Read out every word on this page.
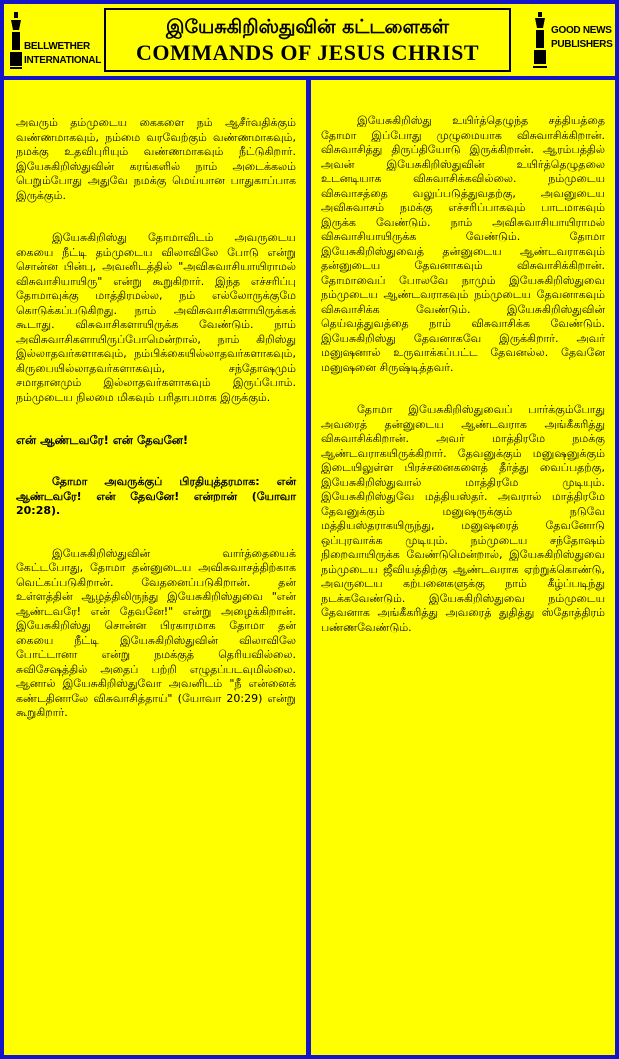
BELLWETHER
INTERNATIONAL
இயேசுகிறிஸ்துவின் கட்டளைகள்
COMMANDS OF JESUS CHRIST
GOOD NEWS
PUBLISHERS

அவரும் தம்முடைய கைகளை நம் ஆசீர்வதிக்கும் வண்ணமாகவும், நம்மை வரவேற்கும் வண்ணமாகவும், நமக்கு உதவிபுரியும் வண்ணமாகவும் நீட்டுகிறார். இயேசுகிறிஸ்துவின் கரங்களில் நாம் அடைக்கலம் பெறும்போது அதுவே நமக்கு மெய்யான பாதுகாப்பாக இருக்கும்.

இயேசுகிறிஸ்து தோமாவிடம் அவருடைய கையை நீட்டி தம்முடைய விலாவிலே போடு என்று சொன்ன பின்பு, அவனிடத்தில் "அவிசுவாசியாயிராமல் விசுவாசியாயிரு" என்று கூறுகிறார். இந்த எச்சரிப்பு தோமாவுக்கு மாத்திரமல்ல, நம் எல்லோருக்குமே கொடுக்கப்படுகிறது. நாம் அவிசுவாசிகளாயிருக்கக் கூடாது. விசுவாசிகளாயிருக்க வேண்டும். நாம் அவிசுவாசிகளாயிருப்போமென்றால், நாம் கிறிஸ்து இல்லாதவர்களாகவும், நம்பிக்கையில்லாதவர்களாகவும், கிருபையில்லாதவர்களாகவும், சந்தோஷமும் சமாதானமும் இல்லாதவர்களாகவும் இருப்போம். நம்முடைய நிலமை மிகவும் பரிதாபமாக இருக்கும்.

என் ஆண்டவரே! என் தேவனே!

தோமா அவருக்குப் பிரதியுத்தரமாக: என் ஆண்டவரே! என் தேவனே! என்றான் (யோவா 20:28).

இயேசுகிறிஸ்துவின் வார்த்தையைக் கேட்டபோது, தோமா தன்னுடைய அவிசுவாசத்திற்காக வெட்கப்படுகிறான். வேதனைப்படுகிறான். தன் உள்ளத்தின் ஆழத்திலிருந்து இயேசுகிறிஸ்துவை "என் ஆண்டவரே! என் தேவனே!" என்று அழைக்கிறான். இயேசுகிறிஸ்து சொன்ன பிரகாரமாக தோமா தன் கையை நீட்டி இயேசுகிறிஸ்துவின் விலாவிலே போட்டானா என்று நமக்குத் தெரியவில்லை. சுவிசேஷத்தில் அதைப் பற்றி எழுதப்படவுமில்லை. ஆனால் இயேசுகிறிஸ்துவோ அவனிடம் "நீ என்னைக் கண்டதினாலே விசுவாசித்தாய்" (யோவா 20:29) என்று கூறுகிறார்.

இயேசுகிறிஸ்து உயிர்த்தெழுந்த சத்தியத்தை தோமா இப்போது முழுமையாக விசுவாசிக்கிறான். விசுவாசித்து திருப்தியோடு இருக்கிறான். ஆரம்பத்தில் அவன் இயேசுகிறிஸ்துவின் உயிர்த்தெழுதலை உடனடியாக விசுவாசிக்கவில்லை. நம்முடைய விசுவாசத்தை வலுப்படுத்துவதற்கு, அவனுடைய அவிசுவாசம் நமக்கு எச்சரிப்பாகவும் பாடமாகவும் இருக்க வேண்டும். நாம் அவிசுவாசியாயிராமல் விசுவாசியாயிருக்க வேண்டும். தோமா இயேசுகிறிஸ்துவைத் தன்னுடைய ஆண்டவராகவும் தன்னுடைய தேவனாகவும் விசுவாசிக்கிறான். தோமாவைப் போலவே நாமும் இயேசுகிறிஸ்துவை நம்முடைய ஆண்டவராகவும் நம்முடைய தேவனாகவும் விசுவாசிக்க வேண்டும். இயேசுகிறிஸ்துவின் தெய்வத்துவத்தை நாம் விசுவாசிக்க வேண்டும். இயேசுகிறிஸ்து தேவனாகவே இருக்கிறார். அவர் மனுஷனால் உருவாக்கப்பட்ட தேவனல்ல. தேவனே மனுஷனை சிருஷ்டித்தவர்.

தோமா இயேசுகிறிஸ்துவைப் பார்க்கும்போது அவரைத் தன்னுடைய ஆண்டவராக அங்கீகரித்து விசுவாசிக்கிறான். அவர் மாத்திரமே நமக்கு ஆண்டவராகயிருக்கிறார். தேவனுக்கும் மனுஷனுக்கும் இடையிலுள்ள பிரச்சனைகளைத் தீர்த்து வைப்பதற்கு, இயேசுகிறிஸ்துவால் மாத்திரமே முடியும். இயேசுகிறிஸ்துவே மத்தியஸ்தர். அவரால் மாத்திரமே தேவனுக்கும் மனுஷருக்கும் நடுவே மத்தியஸ்தராகயிருந்து, மனுஷரைத் தேவனோடு ஒப்புரவாக்க முடியும். நம்முடைய சந்தோஷம் நிறைவாயிருக்க வேண்டுமென்றால், இயேசுகிறிஸ்துவை நம்முடைய ஜீவியத்திற்கு ஆண்டவராக ஏற்றுக்கொண்டு, அவருடைய கற்பனைகளுக்கு நாம் கீழ்ப்படிந்து நடக்கவேண்டும். இயேசுகிறிஸ்துவை நம்முடைய தேவனாக அங்கீகரித்து அவரைத் துதித்து ஸ்தோத்திரம் பண்ணவேண்டும்.
